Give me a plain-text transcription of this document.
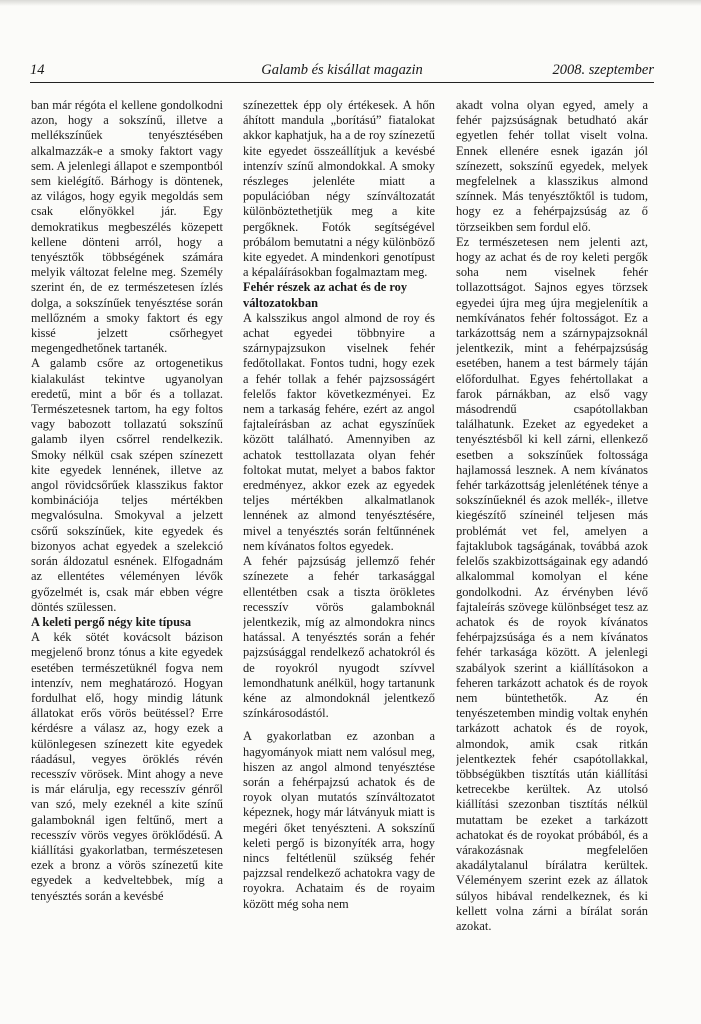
Galamb és kisállat magazin
14	2008. szeptember

ban már régóta el kellene gondolkodni azon, hogy a sokszínű, illetve a mellékszínűek tenyésztésében alkalmazzák-e a smoky faktort vagy sem. A jelenlegi állapot e szempontból sem kielégítő. Bárhogy is döntenek, az világos, hogy egyik megoldás sem csak előnyökkel jár. Egy demokratikus megbeszélés közepett kellene dönteni arról, hogy a tenyésztők többségének számára melyik változat felelne meg. Személy szerint én, de ez természetesen ízlés dolga, a sokszínűek tenyésztése során mellőzném a smoky faktort és egy kissé jelzett csőrhegyet megengedhetőnek tartanék.

A galamb csőre az ortogenetikus kialakulást tekintve ugyanolyan eredetű, mint a bőr és a tollazat. Természetesnek tartom, ha egy foltos vagy babozott tollazatú sokszínű galamb ilyen csőrrel rendelkezik. Smoky nélkül csak szépen színezett kite egyedek lennének, illetve az angol rövidcsőrűek klasszikus faktor kombinációja teljes mértékben megvalósulna. Smokyval a jelzett csőrű sokszínűek, kite egyedek és bizonyos achat egyedek a szelekció során áldozatul esnének. Elfogadnám az ellentétes véleményen lévők győzelmét is, csak már ebben végre döntés szülessen.

A keleti pergő négy kite típusa

A kék sötét kovácsolt bázison megjelenő bronz tónus a kite egyedek esetében természetüknél fogva nem intenzív, nem meghatározó. Hogyan fordulhat elő, hogy mindig látunk állatokat erős vörös beütéssel? Erre kérdésre a válasz az, hogy ezek a különlegesen színezett kite egyedek ráadásul, vegyes öröklés révén recesszív vörösek. Mint ahogy a neve is már elárulja, egy recesszív génről van szó, mely ezeknél a kite színű galamboknál igen feltűnő, mert a recesszív vörös vegyes öröklődésű. A kiállítási gyakorlatban, természetesen ezek a bronz a vörös színezetű kite egyedek a kedveltebbek, míg a tenyésztés során a kevésbé

színezettek épp oly értékesek. A hőn áhított mandula „borítású” fiatalokat akkor kaphatjuk, ha a de roy színezetű kite egyedet összeállítjuk a kevésbé intenzív színű almondokkal. A smoky részleges jelenléte miatt a populációban négy színváltozatát különböztethetjük meg a kite pergőknek. Fotók segítségével próbálom bemutatni a négy különböző kite egyedet. A mindenkori genotípust a képaláírásokban fogalmaztam meg.

Fehér részek az achat és de roy változatokban

A kalsszikus angol almond de roy és achat egyedei többnyire a szárnypajzsukon viselnek fehér fedőtollakat. Fontos tudni, hogy ezek a fehér tollak a fehér pajzsosságért felelős faktor következményei. Ez nem a tarkaság fehére, ezért az angol fajtaleírásban az achat egyszínűek között található. Amennyiben az achatok testtollazata olyan fehér foltokat mutat, melyet a babos faktor eredményez, akkor ezek az egyedek teljes mértékben alkalmatlanok lennének az almond tenyésztésére, mivel a tenyésztés során feltűnnének nem kívánatos foltos egyedek.

A fehér pajzsúság jellemző fehér színezete a fehér tarkasággal ellentétben csak a tiszta örökletes recesszív vörös galamboknál jelentkezik, míg az almondokra nincs hatással. A tenyésztés során a fehér pajzsúsággal rendelkező achatokról és de royokról nyugodt szívvel lemondhatunk anélkül, hogy tartanunk kéne az almondoknál jelentkező színkárosodástól.

A gyakorlatban ez azonban a hagyományok miatt nem valósul meg, hiszen az angol almond tenyésztése során a fehérpajzsú achatok és de royok olyan mutatós színváltozatot képeznek, hogy már látványuk miatt is megéri őket tenyészteni. A sokszínű keleti pergő is bizonyíték arra, hogy nincs feltétlenül szükség fehér pajzzsal rendelkező achatokra vagy de royokra. Achataim és de royaim között még soha nem

akadt volna olyan egyed, amely a fehér pajzsúságnak betudható akár egyetlen fehér tollat viselt volna. Ennek ellenére esnek igazán jól színezett, sokszínű egyedek, melyek megfelelnek a klasszikus almond színnek. Más tenyésztőktől is tudom, hogy ez a fehérpajzsúság az ő törzseikben sem fordul elő.

Ez természetesen nem jelenti azt, hogy az achat és de roy keleti pergők soha nem viselnek fehér tollazottságot. Sajnos egyes törzsek egyedei újra meg újra megjelenítik a nemkívánatos fehér foltosságot. Ez a tarkázottság nem a szárnypajzsoknál jelentkezik, mint a fehérpajzsúság esetében, hanem a test bármely táján előfordulhat. Egyes fehértollakat a farok párnákban, az első vagy másodrendű csapótollakban találhatunk. Ezeket az egyedeket a tenyésztésből ki kell zárni, ellenkező esetben a sokszínűek foltossága hajlamossá lesznek. A nem kívánatos fehér tarkázottság jelenlétének ténye a sokszínűeknél és azok mellék-, illetve kiegészítő színeinél teljesen más problémát vet fel, amelyen a fajtaklubok tagságának, továbbá azok felelős szakbizottságainak egy adandó alkalommal komolyan el kéne gondolkodni. Az érvényben lévő fajtaleírás szövege különbséget tesz az achatok és de royok kívánatos fehérpajzsúsága és a nem kívánatos fehér tarkasága között. A jelenlegi szabályok szerint a kiállításokon a feheren tarkázott achatok és de royok nem büntethetők. Az én tenyészetemben mindig voltak enyhén tarkázott achatok és de royok, almondok, amik csak ritkán jelentkeztek fehér csapótollakkal, többségükben tisztítás után kiállítási ketrecekbe kerültek. Az utolsó kiállítási szezonban tisztítás nélkül mutattam be ezeket a tarkázott achatokat és de royokat próbából, és a várakozásnak megfelelően akadálytalanul bírálatra kerültek. Véleményem szerint ezek az állatok súlyos hibával rendelkeznek, és ki kellett volna zárni a bírálat során azokat.
